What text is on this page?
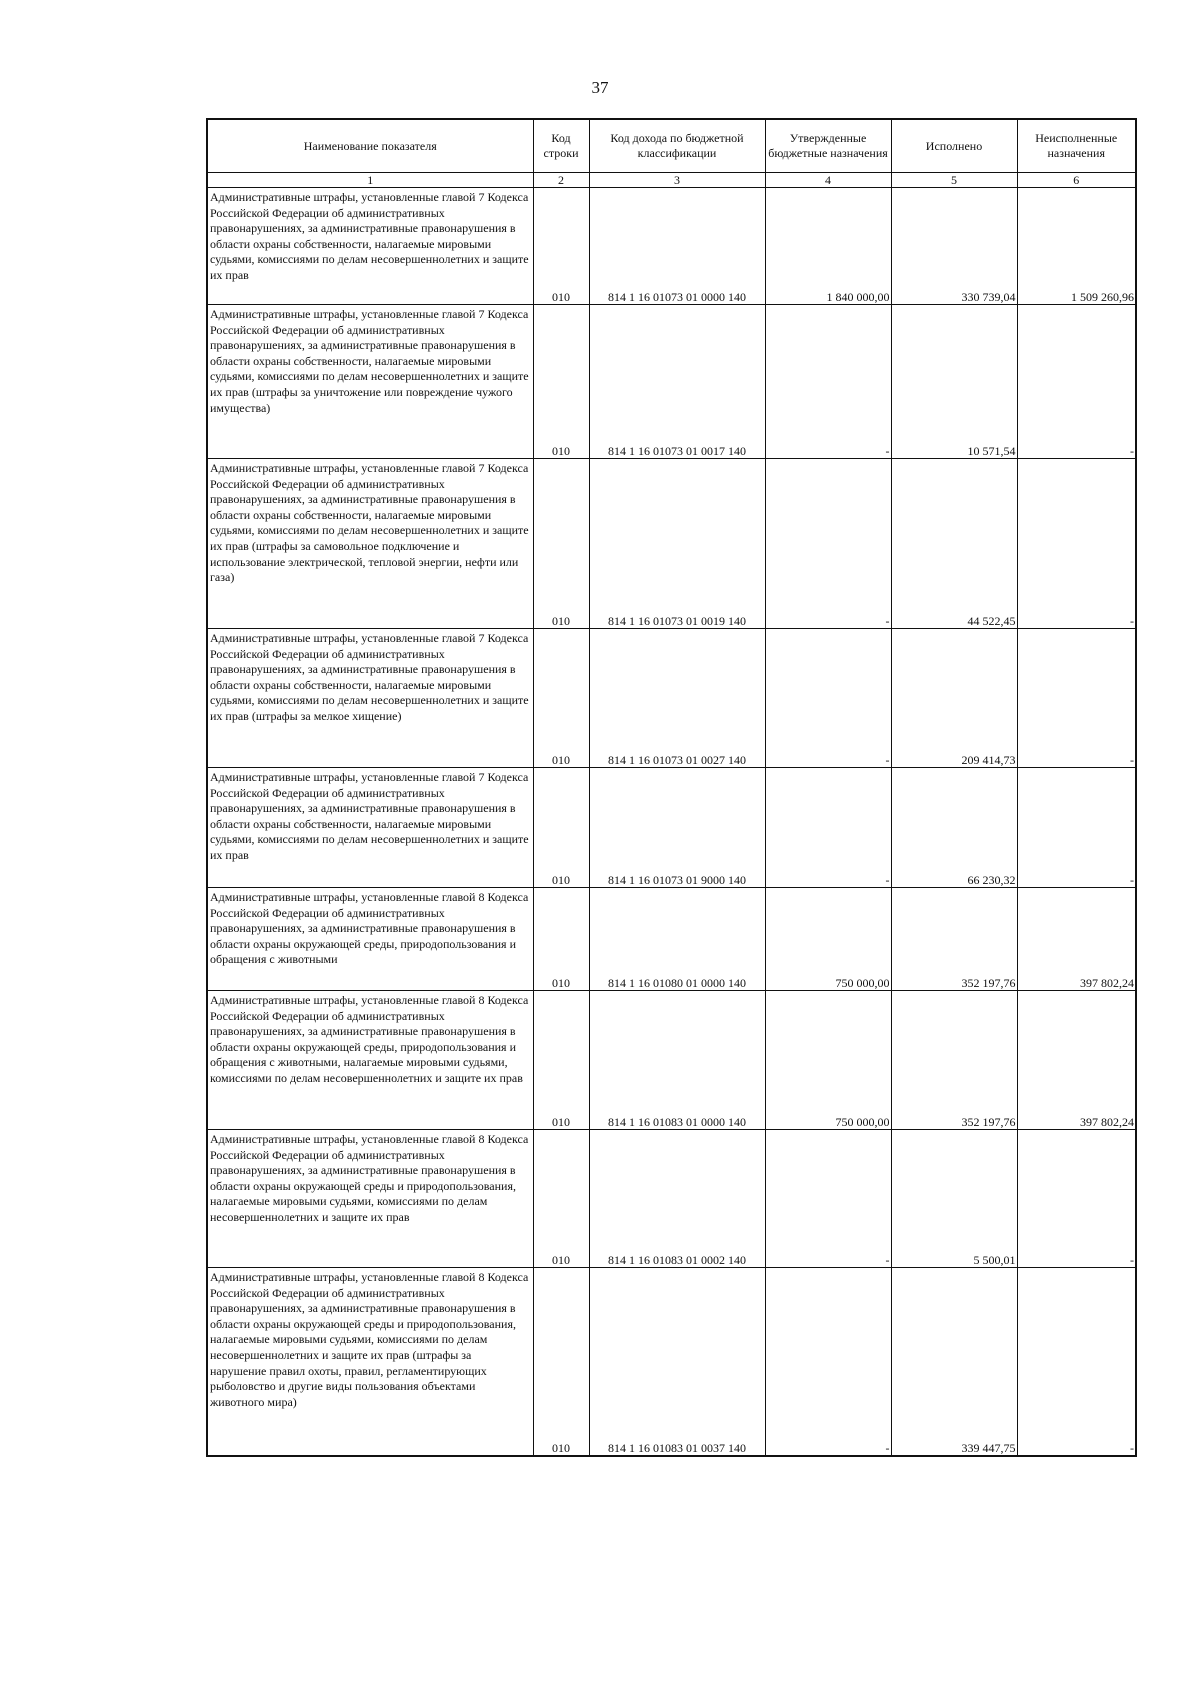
37
Наименование показателя	Код строки	Код дохода по бюджетной классификации	Утвержденные бюджетные назначения	Исполнено	Неисполненные назначения
1	2	3	4	5	6
Административные штрафы, установленные главой 7 Кодекса Российской Федерации об административных правонарушениях, за административные правонарушения в области охраны собственности, налагаемые мировыми судьями, комиссиями по делам несовершеннолетних и защите их прав	010	814 1 16 01073 01 0000 140	1 840 000,00	330 739,04	1 509 260,96
Административные штрафы, установленные главой 7 Кодекса Российской Федерации об административных правонарушениях, за административные правонарушения в области охраны собственности, налагаемые мировыми судьями, комиссиями по делам несовершеннолетних и защите их прав (штрафы за уничтожение или повреждение чужого имущества)	010	814 1 16 01073 01 0017 140	-	10 571,54	-
Административные штрафы, установленные главой 7 Кодекса Российской Федерации об административных правонарушениях, за административные правонарушения в области охраны собственности, налагаемые мировыми судьями, комиссиями по делам несовершеннолетних и защите их прав (штрафы за самовольное подключение и использование электрической, тепловой энергии, нефти или газа)	010	814 1 16 01073 01 0019 140	-	44 522,45	-
Административные штрафы, установленные главой 7 Кодекса Российской Федерации об административных правонарушениях, за административные правонарушения в области охраны собственности, налагаемые мировыми судьями, комиссиями по делам несовершеннолетних и защите их прав (штрафы за мелкое хищение)	010	814 1 16 01073 01 0027 140	-	209 414,73	-
Административные штрафы, установленные главой 7 Кодекса Российской Федерации об административных правонарушениях, за административные правонарушения в области охраны собственности, налагаемые мировыми судьями, комиссиями по делам несовершеннолетних и защите их прав	010	814 1 16 01073 01 9000 140	-	66 230,32	-
Административные штрафы, установленные главой 8 Кодекса Российской Федерации об административных правонарушениях, за административные правонарушения в области охраны окружающей среды, природопользования и обращения с животными	010	814 1 16 01080 01 0000 140	750 000,00	352 197,76	397 802,24
Административные штрафы, установленные главой 8 Кодекса Российской Федерации об административных правонарушениях, за административные правонарушения в области охраны окружающей среды, природопользования и обращения с животными, налагаемые мировыми судьями, комиссиями по делам несовершеннолетних и защите их прав	010	814 1 16 01083 01 0000 140	750 000,00	352 197,76	397 802,24
Административные штрафы, установленные главой 8 Кодекса Российской Федерации об административных правонарушениях, за административные правонарушения в области охраны окружающей среды и природопользования, налагаемые мировыми судьями, комиссиями по делам несовершеннолетних и защите их прав	010	814 1 16 01083 01 0002 140	-	5 500,01	-
Административные штрафы, установленные главой 8 Кодекса Российской Федерации об административных правонарушениях, за административные правонарушения в области охраны окружающей среды и природопользования, налагаемые мировыми судьями, комиссиями по делам несовершеннолетних и защите их прав (штрафы за нарушение правил охоты, правил, регламентирующих рыболовство и другие виды пользования объектами животного мира)	010	814 1 16 01083 01 0037 140	-	339 447,75	-
